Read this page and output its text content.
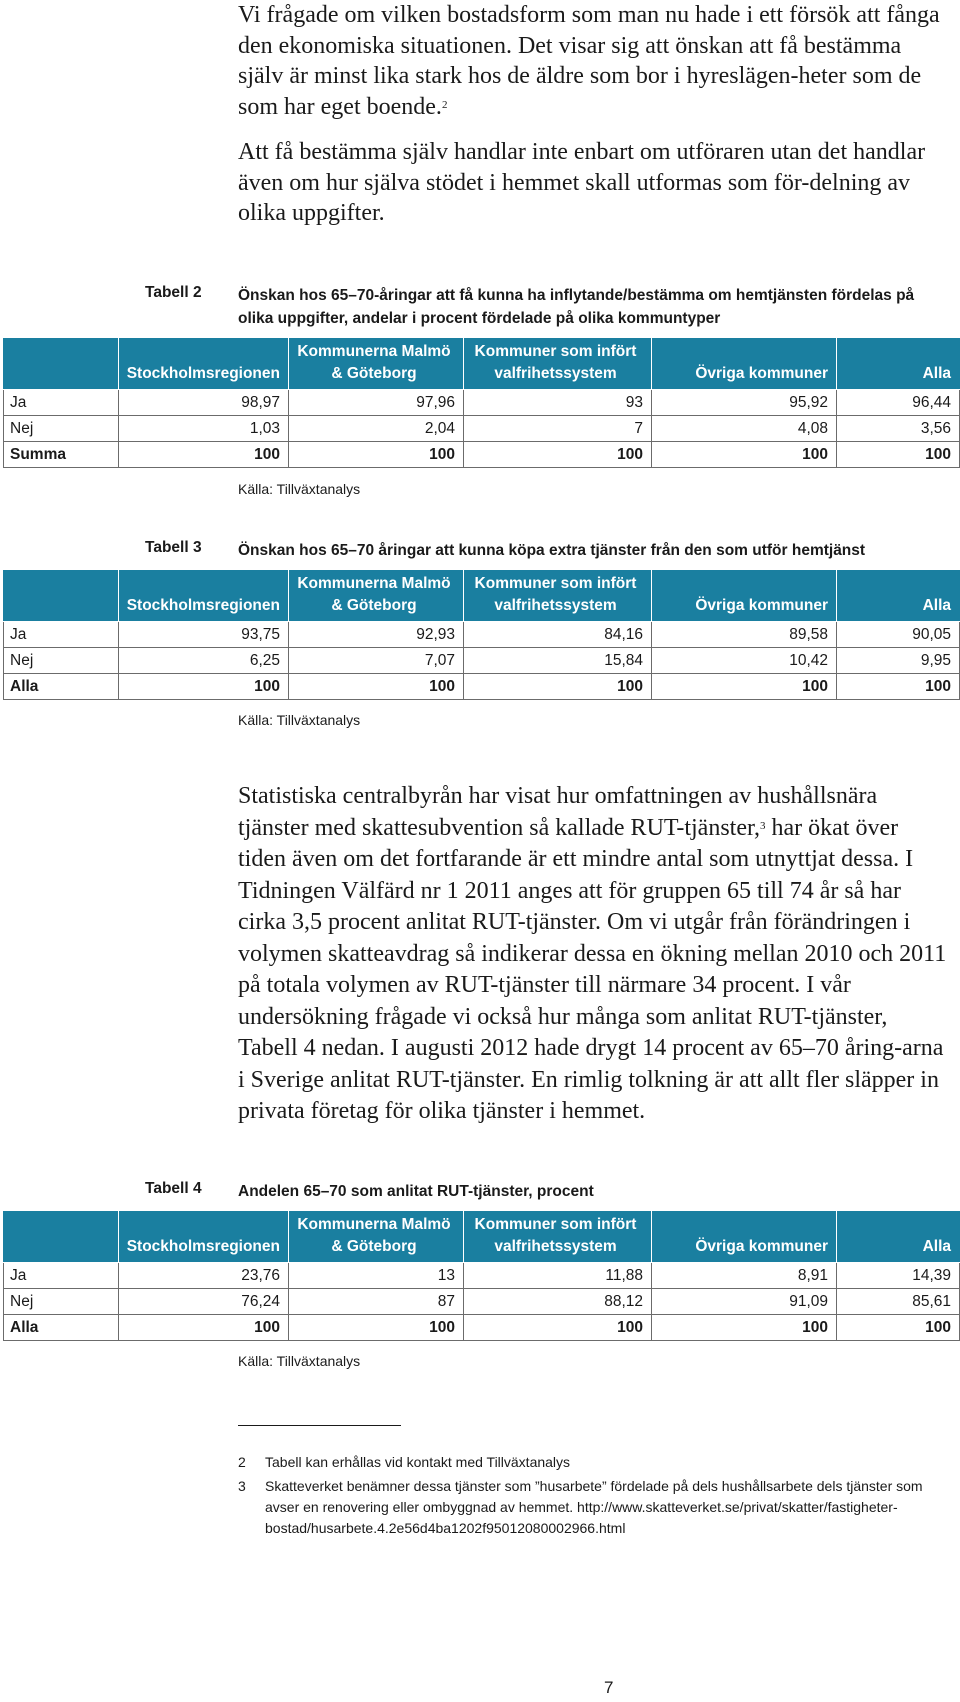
Vi frågade om vilken bostadsform som man nu hade i ett försök att fånga den ekonomiska situationen. Det visar sig att önskan att få bestämma själv är minst lika stark hos de äldre som bor i hyreslägen-heter som de som har eget boende.$^2$

Att få bestämma själv handlar inte enbart om utföraren utan det handlar även om hur själva stödet i hemmet skall utformas som för-delning av olika uppgifter.

Tabell 2 Önskan hos 65–70-åringar att få kunna ha inflytande/bestämma om hemtjänsten fördelas på olika uppgifter, andelar i procent fördelade på olika kommuntyper
	Stockholmsregionen	Kommunerna Malmö & Göteborg	Kommuner som infört valfrihetssystem	Övriga kommuner	Alla
Ja	98,97	97,96	93	95,92	96,44
Nej	1,03	2,04	7	4,08	3,56
Summa	100	100	100	100	100
Källa: Tillväxtanalys
Tabell 3 Önskan hos 65–70 åringar att kunna köpa extra tjänster från den som utför hemtjänst
	Stockholmsregionen	Kommunerna Malmö & Göteborg	Kommuner som infört valfrihetssystem	Övriga kommuner	Alla
Ja	93,75	92,93	84,16	89,58	90,05
Nej	6,25	7,07	15,84	10,42	9,95
Alla	100	100	100	100	100
Källa: Tillväxtanalys

Statistiska centralbyrån har visat hur omfattningen av hushållsnära tjänster med skattesubvention så kallade RUT-tjänster,$^3$ har ökat över tiden även om det fortfarande är ett mindre antal som utnyttjat dessa. I Tidningen Välfärd nr 1 2011 anges att för gruppen 65 till 74 år så har cirka 3,5 procent anlitat RUT-tjänster. Om vi utgår från förändringen i volymen skatteavdrag så indikerar dessa en ökning mellan 2010 och 2011 på totala volymen av RUT-tjänster till närmare 34 procent. I vår undersökning frågade vi också hur många som anlitat RUT-tjänster, Tabell 4 nedan. I augusti 2012 hade drygt 14 procent av 65–70 åring-arna i Sverige anlitat RUT-tjänster. En rimlig tolkning är att allt fler släpper in privata företag för olika tjänster i hemmet.

Tabell 4 Andelen 65–70 som anlitat RUT-tjänster, procent
	Stockholmsregionen	Kommunerna Malmö & Göteborg	Kommuner som infört valfrihetssystem	Övriga kommuner	Alla
Ja	23,76	13	11,88	8,91	14,39
Nej	76,24	87	88,12	91,09	85,61
Alla	100	100	100	100	100
Källa: Tillväxtanalys
2 Tabell kan erhållas vid kontakt med Tillväxtanalys
3 Skatteverket benämner dessa tjänster som ”husarbete” fördelade på dels hushållsarbete dels tjänster som avser en renovering eller ombyggnad av hemmet. http://www.skatteverket.se/privat/skatter/fastigheter-bostad/husarbete.4.2e56d4ba1202f95012080002966.html
7
